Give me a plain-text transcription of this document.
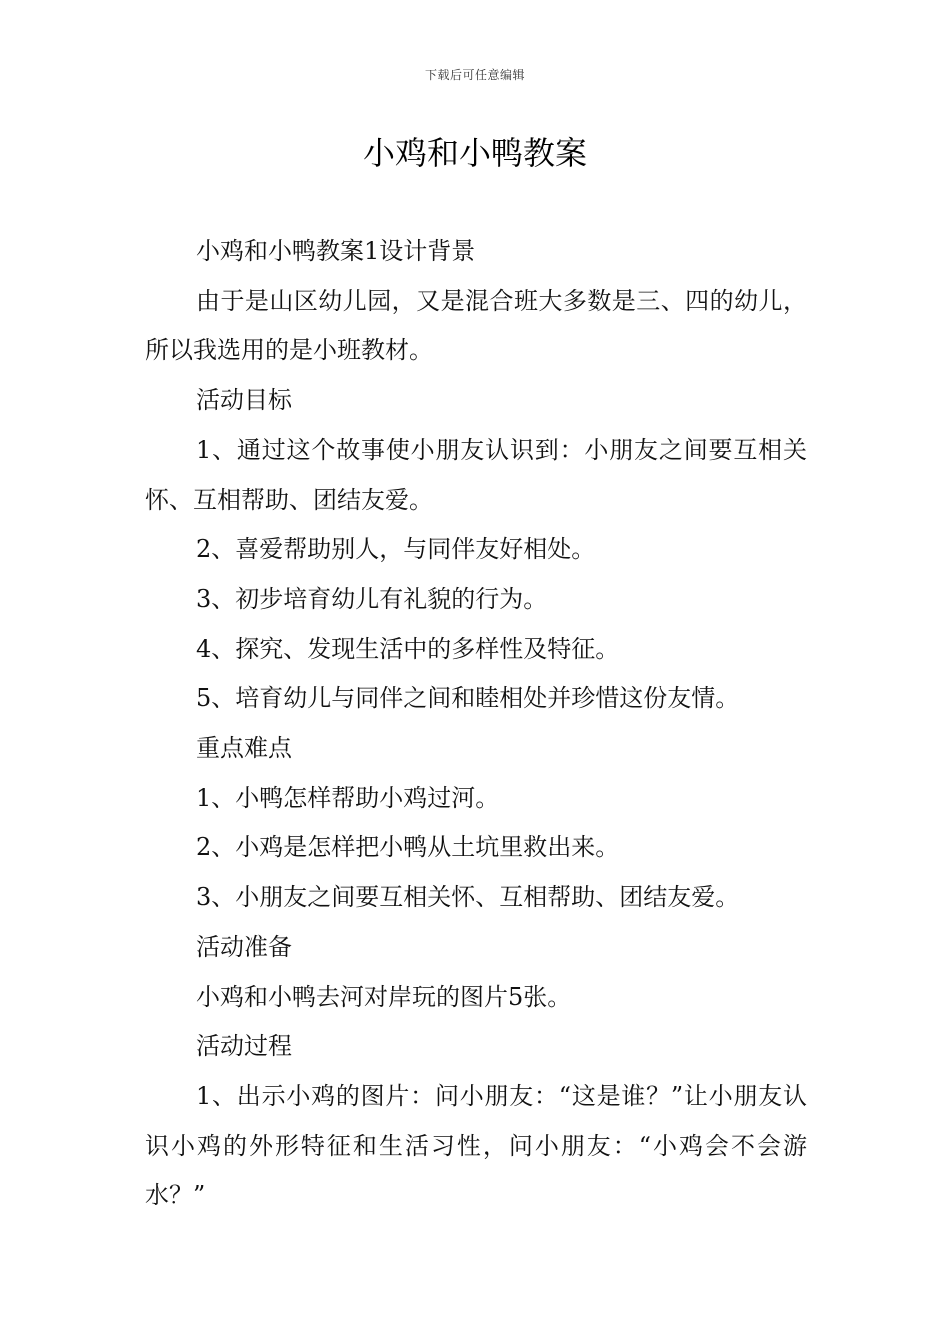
下载后可任意编辑
小鸡和小鸭教案

小鸡和小鸭教案1设计背景

由于是山区幼儿园，又是混合班大多数是三、四的幼儿，所以我选用的是小班教材。

活动目标

1、通过这个故事使小朋友认识到：小朋友之间要互相关怀、互相帮助、团结友爱。

2、喜爱帮助别人，与同伴友好相处。

3、初步培育幼儿有礼貌的行为。

4、探究、发现生活中的多样性及特征。

5、培育幼儿与同伴之间和睦相处并珍惜这份友情。

重点难点

1、小鸭怎样帮助小鸡过河。

2、小鸡是怎样把小鸭从土坑里救出来。

3、小朋友之间要互相关怀、互相帮助、团结友爱。

活动准备

小鸡和小鸭去河对岸玩的图片5张。

活动过程

1、出示小鸡的图片：问小朋友：“这是谁？”让小朋友认识小鸡的外形特征和生活习性，问小朋友：“小鸡会不会游水？”
